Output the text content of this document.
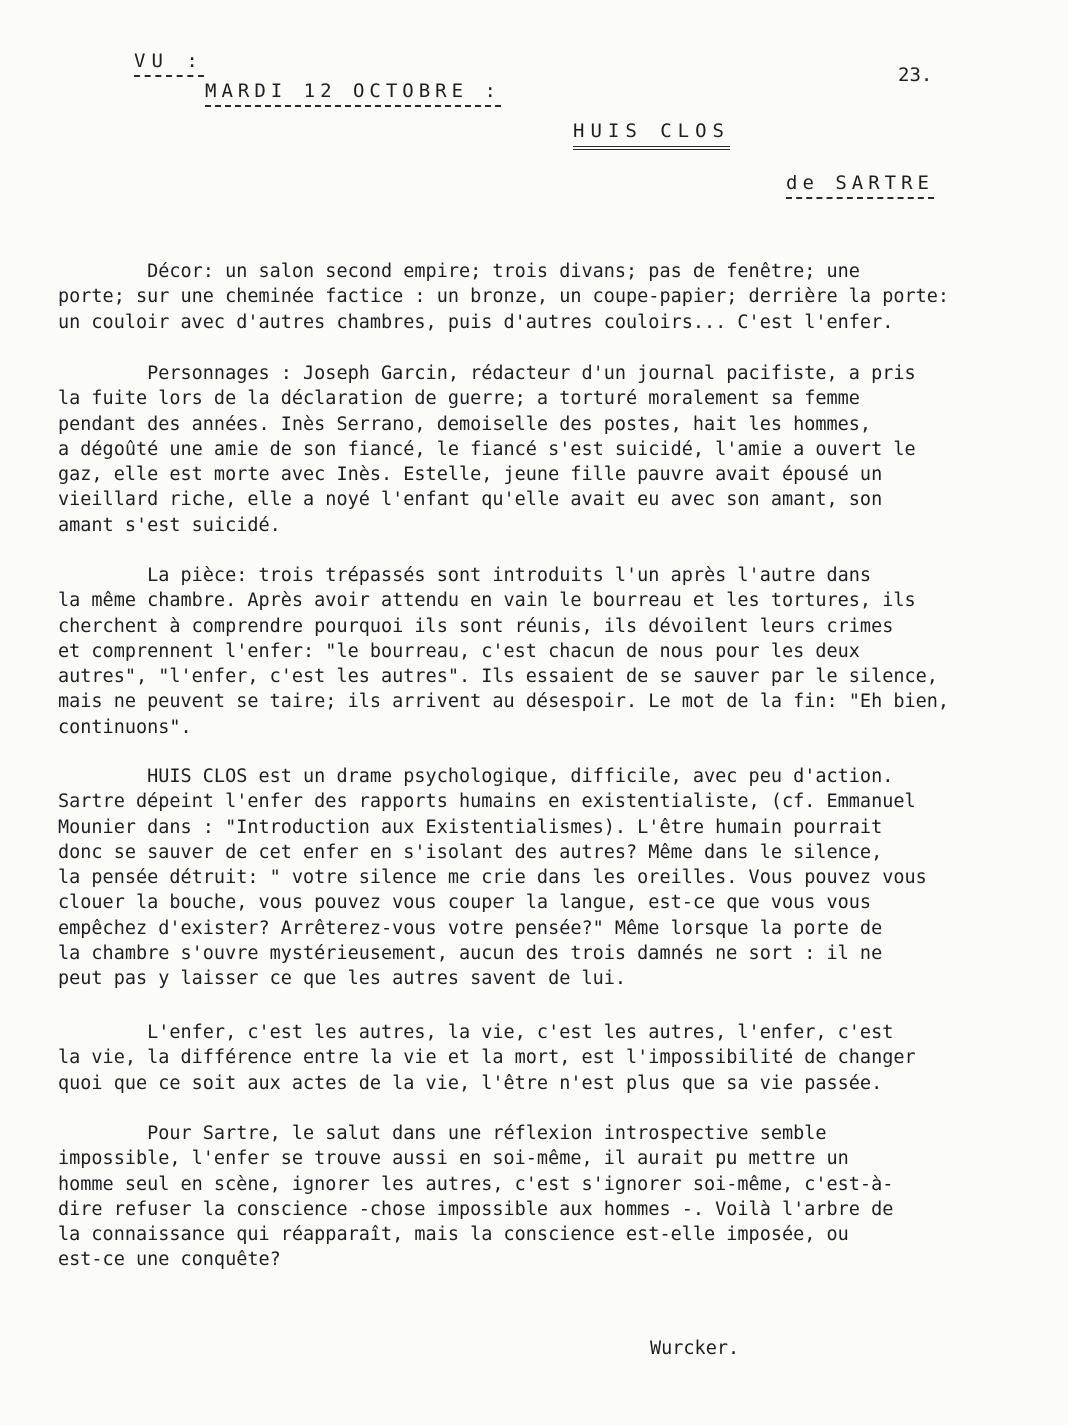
VU :
MARDI 12 OCTOBRE :
23.
HUIS CLOS
de SARTRE
Décor: un salon second empire; trois divans; pas de fenêtre; une
porte; sur une cheminée factice : un bronze, un coupe-papier; derrière la porte:
un couloir avec d'autres chambres, puis d'autres couloirs... C'est l'enfer.
Personnages : Joseph Garcin, rédacteur d'un journal pacifiste, a pris
la fuite lors de la déclaration de guerre; a torturé moralement sa femme
pendant des années. Inès Serrano, demoiselle des postes, hait les hommes,
a dégoûté une amie de son fiancé, le fiancé s'est suicidé, l'amie a ouvert le
gaz, elle est morte avec Inès. Estelle, jeune fille pauvre avait épousé un
vieillard riche, elle a noyé l'enfant qu'elle avait eu avec son amant, son
amant s'est suicidé.
La pièce: trois trépassés sont introduits l'un après l'autre dans
la même chambre. Après avoir attendu en vain le bourreau et les tortures, ils
cherchent à comprendre pourquoi ils sont réunis, ils dévoilent leurs crimes
et comprennent l'enfer: "le bourreau, c'est chacun de nous pour les deux
autres", "l'enfer, c'est les autres". Ils essaient de se sauver par le silence,
mais ne peuvent se taire; ils arrivent au désespoir. Le mot de la fin: "Eh bien,
continuons".
HUIS CLOS est un drame psychologique, difficile, avec peu d'action.
Sartre dépeint l'enfer des rapports humains en existentialiste, (cf. Emmanuel
Mounier dans : "Introduction aux Existentialismes). L'être humain pourrait
donc se sauver de cet enfer en s'isolant des autres? Même dans le silence,
la pensée détruit: " votre silence me crie dans les oreilles. Vous pouvez vous
clouer la bouche, vous pouvez vous couper la langue, est-ce que vous vous
empêchez d'exister? Arrêterez-vous votre pensée?" Même lorsque la porte de
la chambre s'ouvre mystérieusement, aucun des trois damnés ne sort : il ne
peut pas y laisser ce que les autres savent de lui.
L'enfer, c'est les autres, la vie, c'est les autres, l'enfer, c'est
la vie, la différence entre la vie et la mort, est l'impossibilité de changer
quoi que ce soit aux actes de la vie, l'être n'est plus que sa vie passée.
Pour Sartre, le salut dans une réflexion introspective semble
impossible, l'enfer se trouve aussi en soi-même, il aurait pu mettre un
homme seul en scène, ignorer les autres, c'est s'ignorer soi-même, c'est-à-
dire refuser la conscience -chose impossible aux hommes -. Voilà l'arbre de
la connaissance qui réapparaît, mais la conscience est-elle imposée, ou
est-ce une conquête?
Wurcker.
